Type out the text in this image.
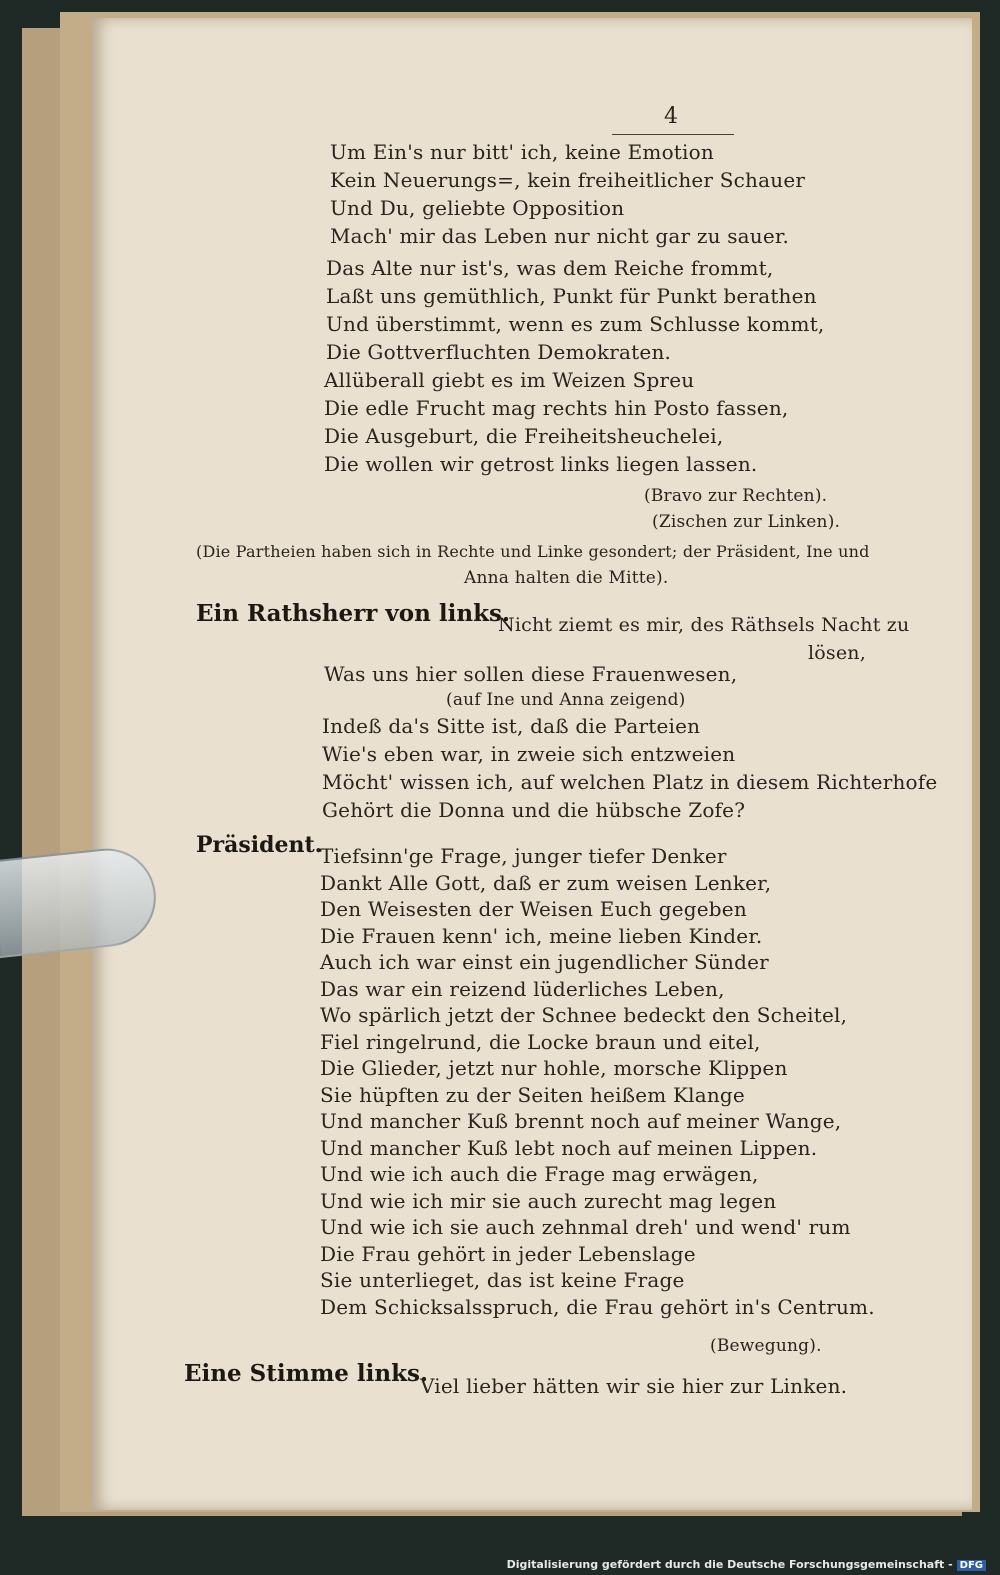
4
Um Ein's nur bitt' ich, keine Emotion
Kein Neuerungs=, kein freiheitlicher Schauer
Und Du, geliebte Opposition
Mach' mir das Leben nur nicht gar zu sauer.
Das Alte nur ist's, was dem Reiche frommt,
Laßt uns gemüthlich, Punkt für Punkt berathen
Und überstimmt, wenn es zum Schlusse kommt,
Die Gottverfluchten Demokraten.
Allüberall giebt es im Weizen Spreu
Die edle Frucht mag rechts hin Posto fassen,
Die Ausgeburt, die Freiheitsheuchelei,
Die wollen wir getrost links liegen lassen.
(Bravo zur Rechten).
(Zischen zur Linken).
(Die Partheien haben sich in Rechte und Linke gesondert; der Präsident, Ine und
Anna halten die Mitte).
Ein Rathsherr von links.
Nicht ziemt es mir, des Räthsels Nacht zu
lösen,
Was uns hier sollen diese Frauenwesen,
(auf Ine und Anna zeigend)
Indeß da's Sitte ist, daß die Parteien
Wie's eben war, in zweie sich entzweien
Möcht' wissen ich, auf welchen Platz in diesem Richterhofe
Gehört die Donna und die hübsche Zofe?
Präsident.
Tiefsinn'ge Frage, junger tiefer Denker
Dankt Alle Gott, daß er zum weisen Lenker,
Den Weisesten der Weisen Euch gegeben
Die Frauen kenn' ich, meine lieben Kinder.
Auch ich war einst ein jugendlicher Sünder
Das war ein reizend lüderliches Leben,
Wo spärlich jetzt der Schnee bedeckt den Scheitel,
Fiel ringelrund, die Locke braun und eitel,
Die Glieder, jetzt nur hohle, morsche Klippen
Sie hüpften zu der Seiten heißem Klange
Und mancher Kuß brennt noch auf meiner Wange,
Und mancher Kuß lebt noch auf meinen Lippen.
Und wie ich auch die Frage mag erwägen,
Und wie ich mir sie auch zurecht mag legen
Und wie ich sie auch zehnmal dreh' und wend' rum
Die Frau gehört in jeder Lebenslage
Sie unterlieget, das ist keine Frage
Dem Schicksalsspruch, die Frau gehört in's Centrum.
(Bewegung).
Eine Stimme links.
Viel lieber hätten wir sie hier zur Linken.
Digitalisierung gefördert durch die Deutsche Forschungsgemeinschaft - DFG
